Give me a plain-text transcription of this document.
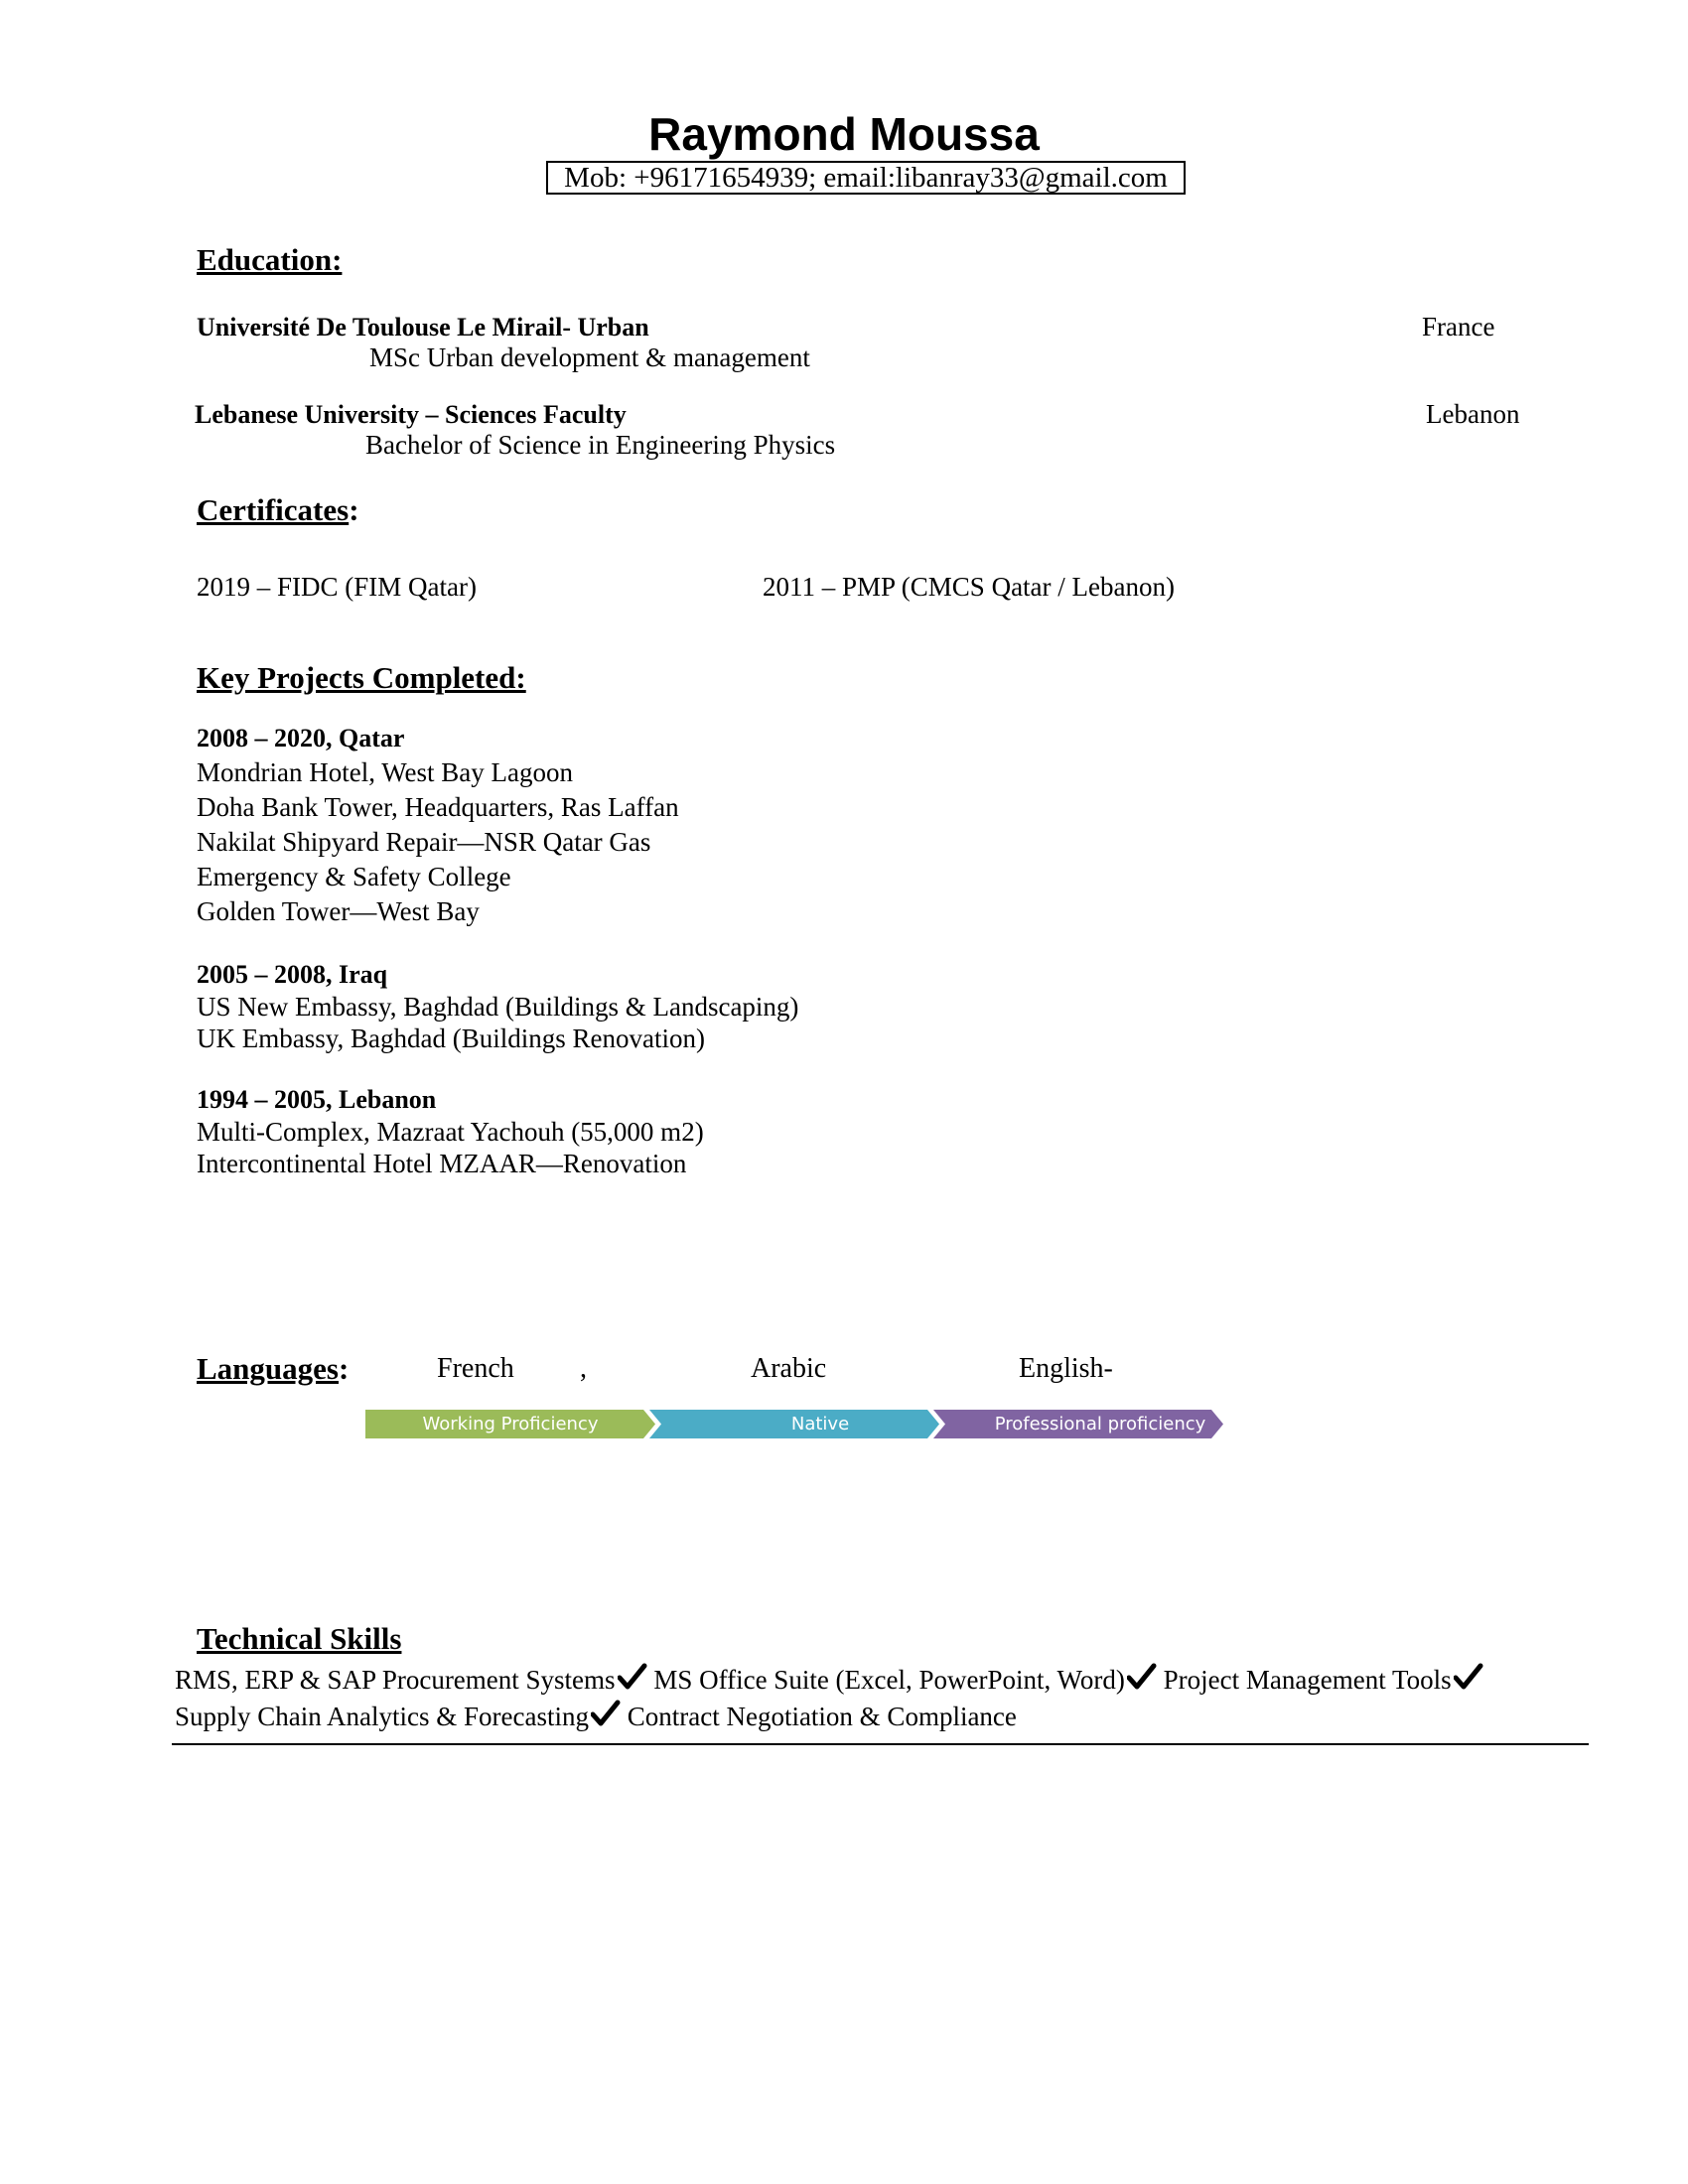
Raymond Moussa
Mob: +96171654939; email:libanray33@gmail.com
Education:
Université De Toulouse Le Mirail- Urban	France
MSc Urban development & management
Lebanese University – Sciences Faculty	Lebanon
Bachelor of Science in Engineering Physics
Certificates:
2019 – FIDC (FIM Qatar)	2011 – PMP (CMCS Qatar / Lebanon)
Key Projects Completed:
2008 – 2020, Qatar
Mondrian Hotel, West Bay Lagoon
Doha Bank Tower, Headquarters, Ras Laffan
Nakilat Shipyard Repair—NSR Qatar Gas
Emergency & Safety College
Golden Tower—West Bay
2005 – 2008, Iraq
US New Embassy, Baghdad (Buildings & Landscaping)
UK Embassy, Baghdad (Buildings Renovation)
1994 – 2005, Lebanon
Multi-Complex, Mazraat Yachouh (55,000 m2)
Intercontinental Hotel MZAAR—Renovation
Languages:	French ,	Arabic	English-
Working Proficiency	Native	Professional proficiency
Technical Skills
RMS, ERP & SAP Procurement Systems MS Office Suite (Excel, PowerPoint, Word) Project Management Tools
Supply Chain Analytics & Forecasting Contract Negotiation & Compliance
